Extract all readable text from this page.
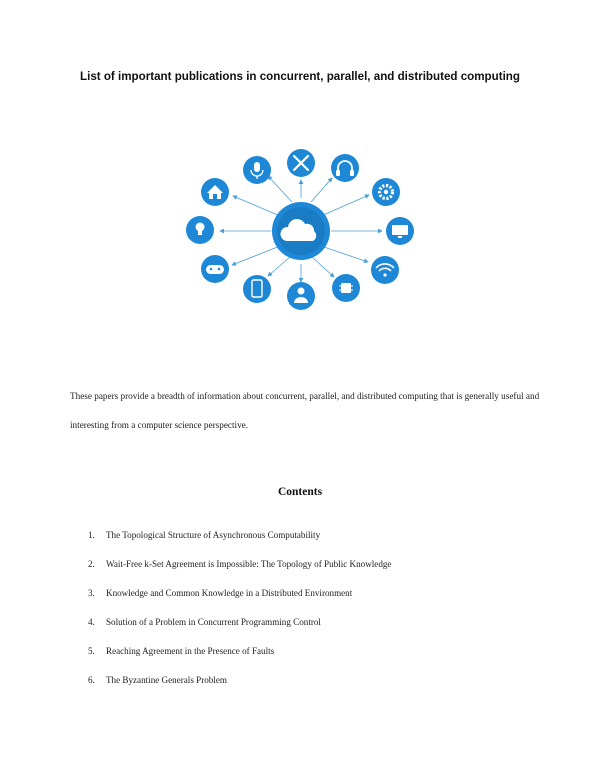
List of important publications in concurrent, parallel, and distributed computing

These papers provide a breadth of information about concurrent, parallel, and distributed computing that is generally useful and interesting from a computer science perspective.

Contents
1. The Topological Structure of Asynchronous Computability
2. Wait-Free k-Set Agreement is Impossible: The Topology of Public Knowledge
3. Knowledge and Common Knowledge in a Distributed Environment
4. Solution of a Problem in Concurrent Programming Control
5. Reaching Agreement in the Presence of Faults
6. The Byzantine Generals Problem
